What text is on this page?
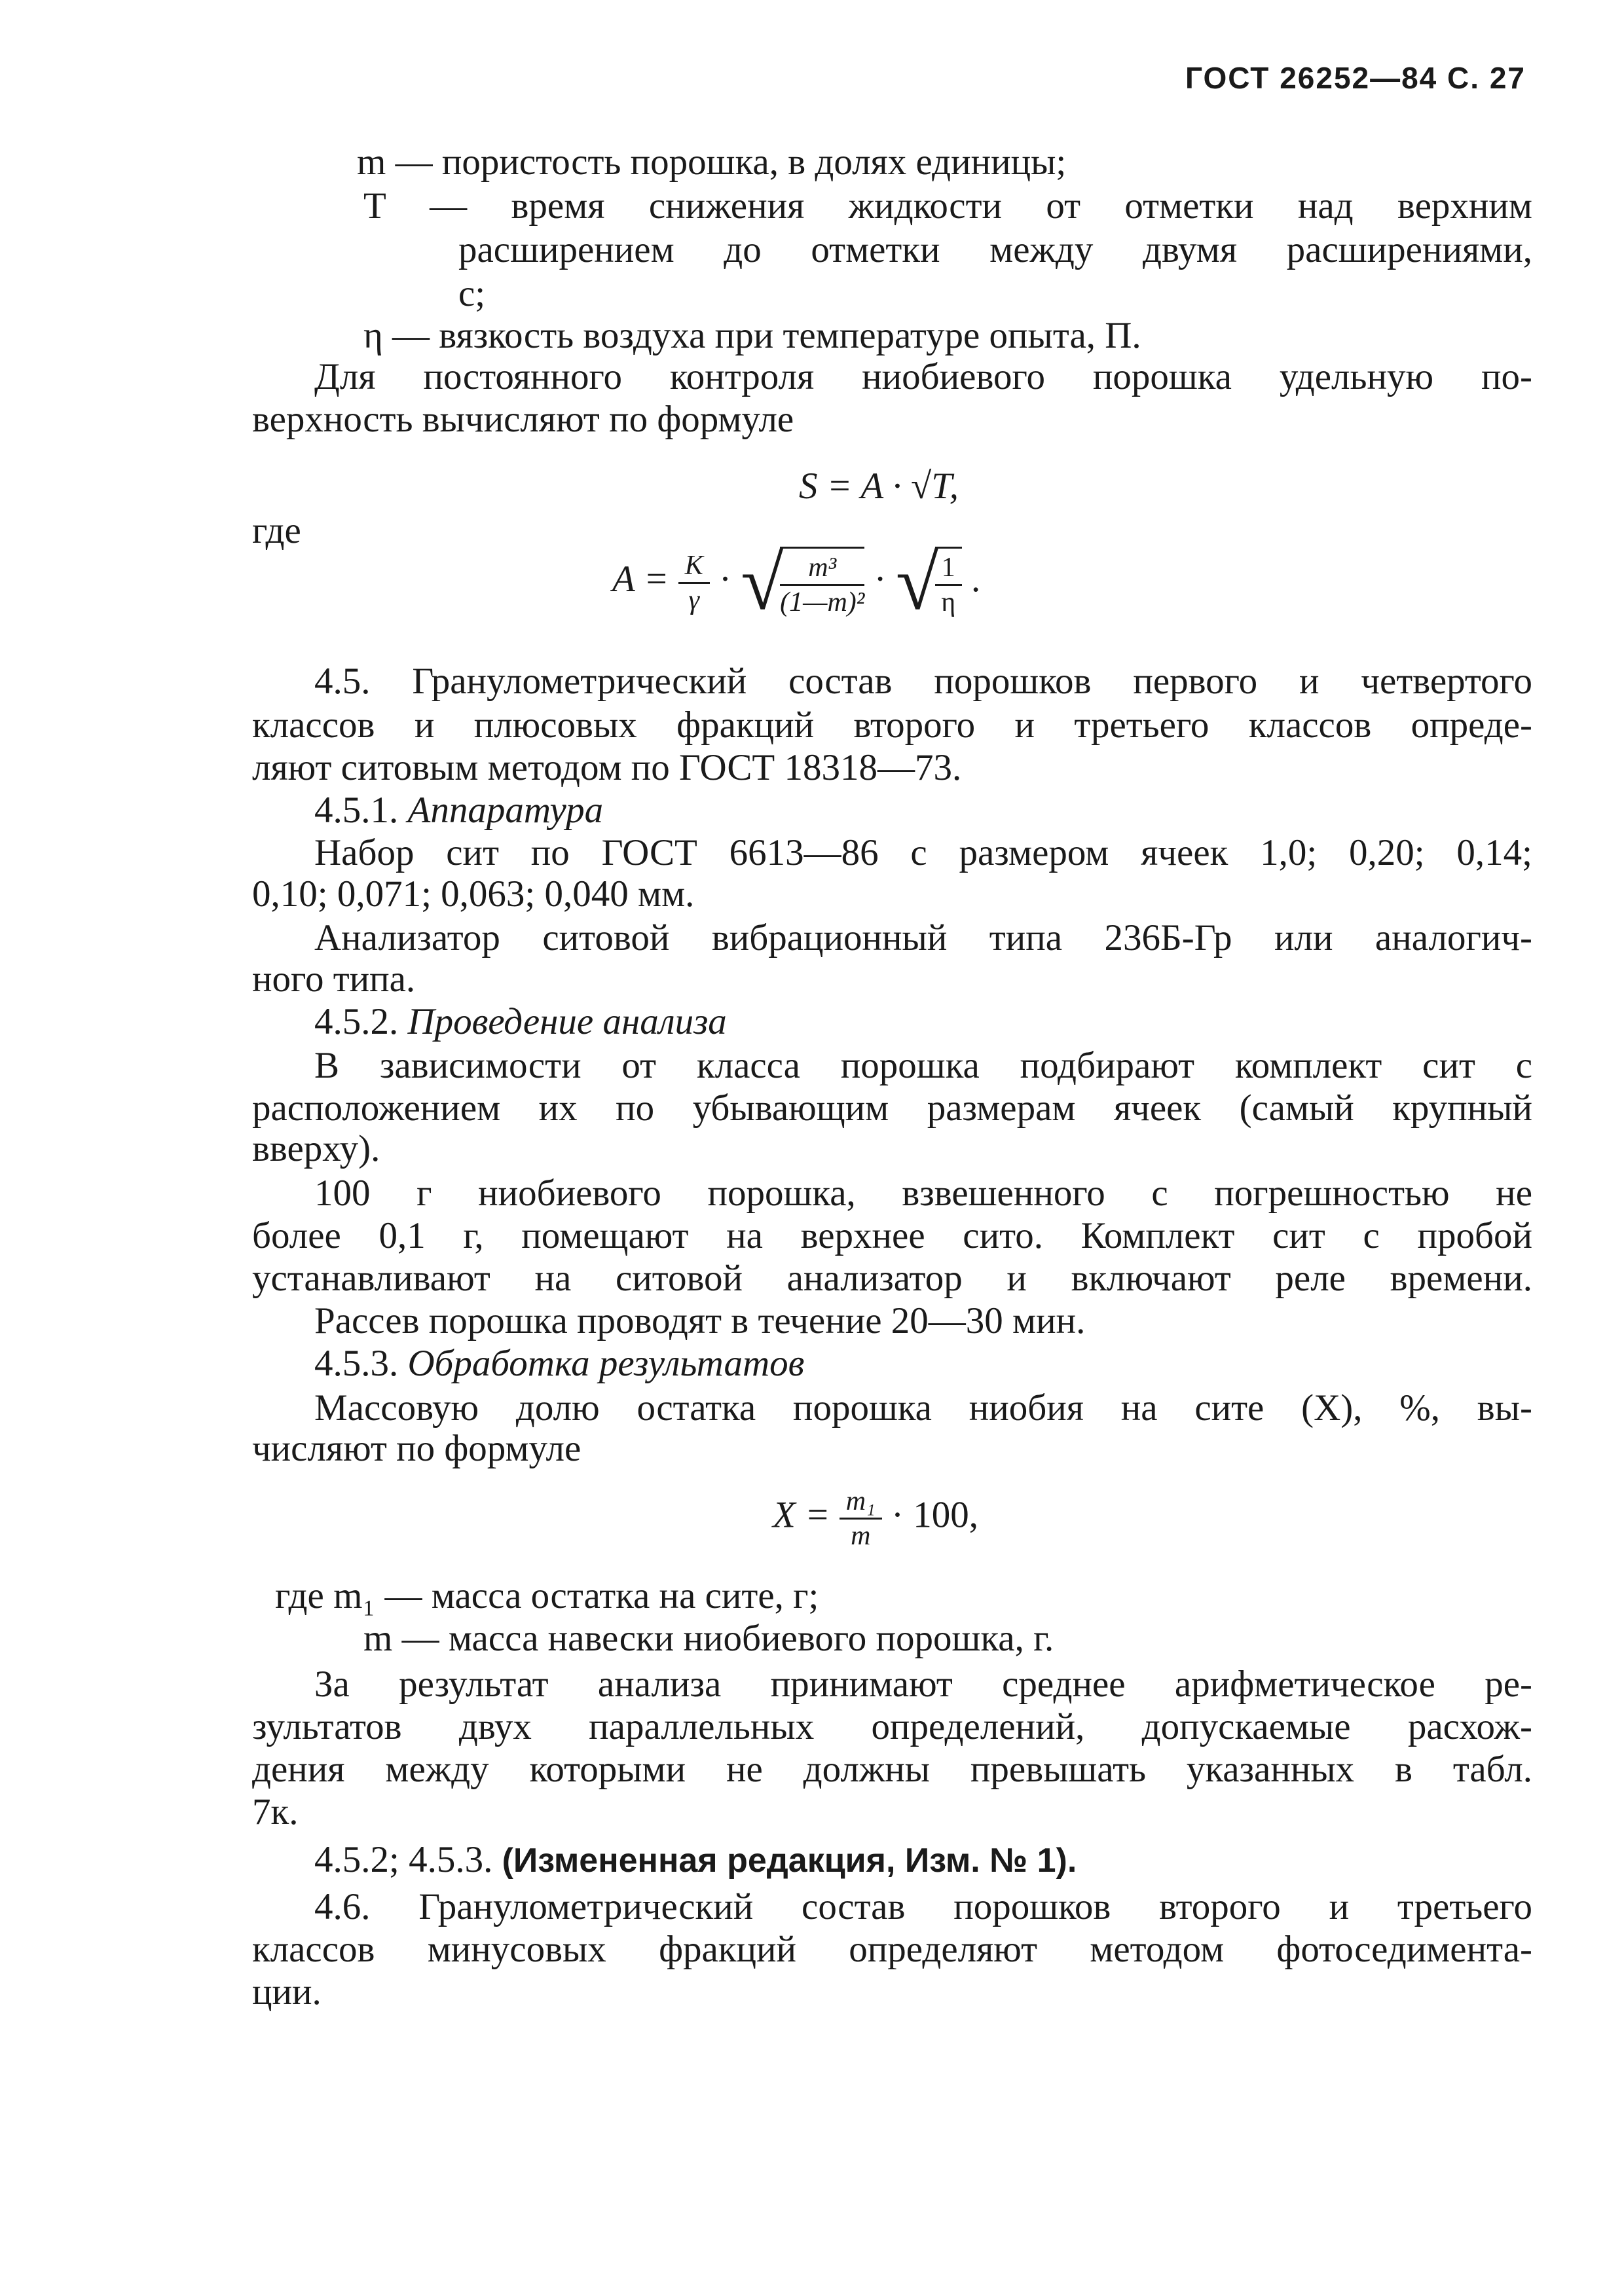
ГОСТ 26252—84 С. 27
m — пористость порошка, в долях единицы;
T — время снижения жидкости от отметки над верхним
расширением до отметки между двумя расширениями,
с;
η — вязкость воздуха при температуре опыта, П.
Для постоянного контроля ниобиевого порошка удельную по-
верхность вычисляют по формуле
S = A · √T,
где
$A = \frac{K}{\gamma}$ · √
$\frac{\text{m³}}{\text{(1—m)²}}$ · √
$\frac{1}{\eta}$ .
4.5. Гранулометрический состав порошков первого и четвертого
классов и плюсовых фракций второго и третьего классов опреде-
ляют ситовым методом по ГОСТ 18318—73.
4.5.1. Аппаратура
Набор сит по ГОСТ 6613—86 с размером ячеек 1,0; 0,20; 0,14;
0,10; 0,071; 0,063; 0,040 мм.
Анализатор ситовой вибрационный типа 236Б-Гр или аналогич-
ного типа.
4.5.2. Проведение анализа
В зависимости от класса порошка подбирают комплект сит с
расположением их по убывающим размерам ячеек (самый крупный
вверху).
100 г ниобиевого порошка, взвешенного с погрешностью не
более 0,1 г, помещают на верхнее сито. Комплект сит с пробой
устанавливают на ситовой анализатор и включают реле времени.
Рассев порошка проводят в течение 20—30 мин.
4.5.3. Обработка результатов
Массовую долю остатка порошка ниобия на сите (X), %, вы-
числяют по формуле
$X = \frac{\text{m₁}}{m} \cdot 100$,
где m₁ — масса остатка на сите, г;
m — масса навески ниобиевого порошка, г.
За результат анализа принимают среднее арифметическое ре-
зультатов двух параллельных определений, допускаемые расхож-
дения между которыми не должны превышать указанных в табл.
7к.
4.5.2; 4.5.3. (Измененная редакция, Изм. № 1).
4.6. Гранулометрический состав порошков второго и третьего
классов минусовых фракций определяют методом фотоседимента-
ции.
